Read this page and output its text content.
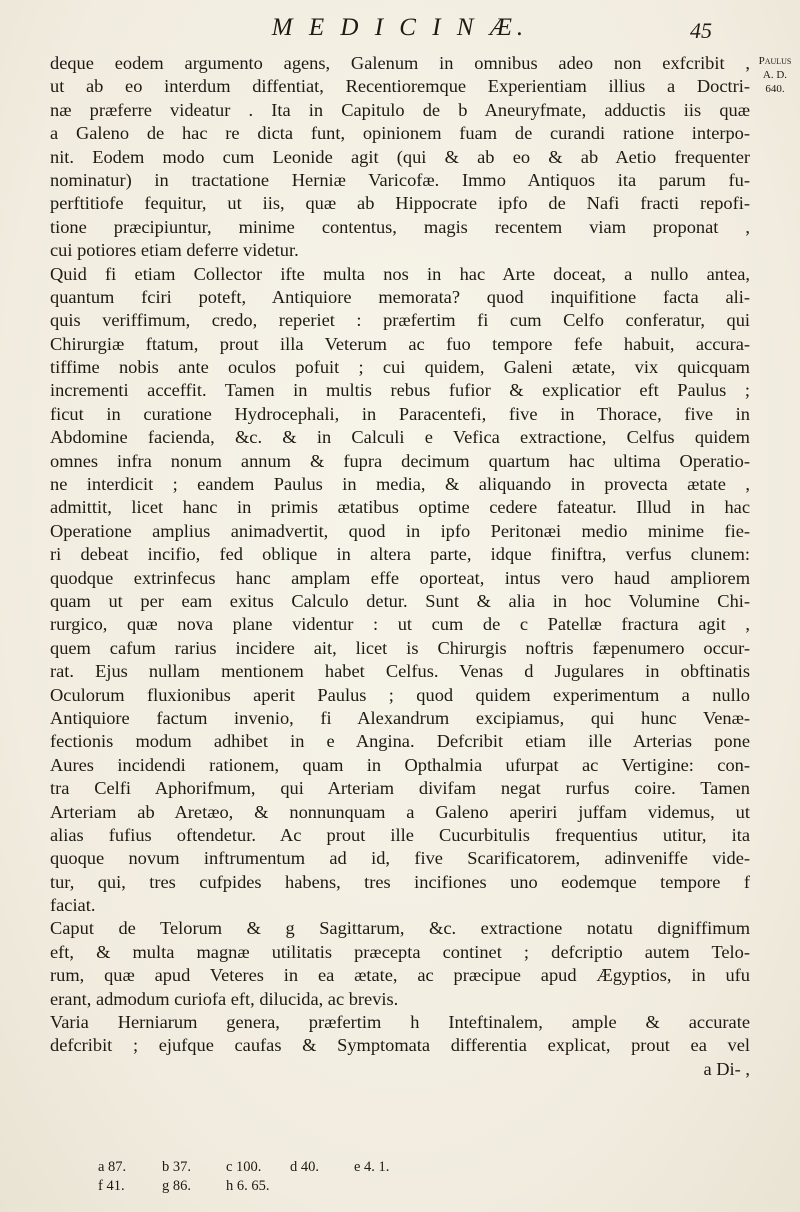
M E D I C I N Æ.	45
Paulus
A. D.
640.
deque eodem argumento agens, Galenum in omnibus adeo non exfcribit ,
ut ab eo interdum diffentiat, Recentioremque Experientiam illius a Doctri-
næ præferre videatur . Ita in Capitulo de b Aneuryfmate, adductis iis quæ
a Galeno de hac re dicta funt, opinionem fuam de curandi ratione interpo-
nit. Eodem modo cum Leonide agit (qui & ab eo & ab Aetio frequenter
nominatur) in tractatione Herniæ Varicofæ. Immo Antiquos ita parum fu-
perftitiofe fequitur, ut iis, quæ ab Hippocrate ipfo de Nafi fracti repofi-
tione præcipiuntur, minime contentus, magis recentem viam proponat ,
cui potiores etiam deferre videtur.
Quid fi etiam Collector ifte multa nos in hac Arte doceat, a nullo antea,
quantum fciri poteft, Antiquiore memorata? quod inquifitione facta ali-
quis veriffimum, credo, reperiet : præfertim fi cum Celfo conferatur, qui
Chirurgiæ ftatum, prout illa Veterum ac fuo tempore fefe habuit, accura-
tiffime nobis ante oculos pofuit ; cui quidem, Galeni ætate, vix quicquam
incrementi acceffit. Tamen in multis rebus fufior & explicatior eft Paulus ;
ficut in curatione Hydrocephali, in Paracentefi, five in Thorace, five in
Abdomine facienda, &c. & in Calculi e Vefica extractione, Celfus quidem
omnes infra nonum annum & fupra decimum quartum hac ultima Operatio-
ne interdicit ; eandem Paulus in media, & aliquando in provecta ætate ,
admittit, licet hanc in primis ætatibus optime cedere fateatur. Illud in hac
Operatione amplius animadvertit, quod in ipfo Peritonæi medio minime fie-
ri debeat incifio, fed oblique in altera parte, idque finiftra, verfus clunem:
quodque extrinfecus hanc amplam effe oporteat, intus vero haud ampliorem
quam ut per eam exitus Calculo detur. Sunt & alia in hoc Volumine Chi-
rurgico, quæ nova plane videntur : ut cum de c Patellæ fractura agit ,
quem cafum rarius incidere ait, licet is Chirurgis noftris fæpenumero occur-
rat. Ejus nullam mentionem habet Celfus. Venas d Jugulares in obftinatis
Oculorum fluxionibus aperit Paulus ; quod quidem experimentum a nullo
Antiquiore factum invenio, fi Alexandrum excipiamus, qui hunc Venæ-
fectionis modum adhibet in e Angina. Defcribit etiam ille Arterias pone
Aures incidendi rationem, quam in Opthalmia ufurpat ac Vertigine: con-
tra Celfi Aphorifmum, qui Arteriam divifam negat rurfus coire. Tamen
Arteriam ab Aretæo, & nonnunquam a Galeno aperiri juffam videmus, ut
alias fufius oftendetur. Ac prout ille Cucurbitulis frequentius utitur, ita
quoque novum inftrumentum ad id, five Scarificatorem, adinveniffe vide-
tur, qui, tres cufpides habens, tres incifiones uno eodemque tempore f
faciat.
Caput de Telorum & g Sagittarum, &c. extractione notatu digniffimum
eft, & multa magnæ utilitatis præcepta continet ; defcriptio autem Telo-
rum, quæ apud Veteres in ea ætate, ac præcipue apud Ægyptios, in ufu
erant, admodum curiofa eft, dilucida, ac brevis.
Varia Herniarum genera, præfertim h Inteftinalem, ample & accurate
defcribit ; ejufque caufas & Symptomata differentia explicat, prout ea vel
a Di- ,
a 87. b 37. c 100. d 40. e 4. 1.
f 41.	g 86. h 6. 65.
